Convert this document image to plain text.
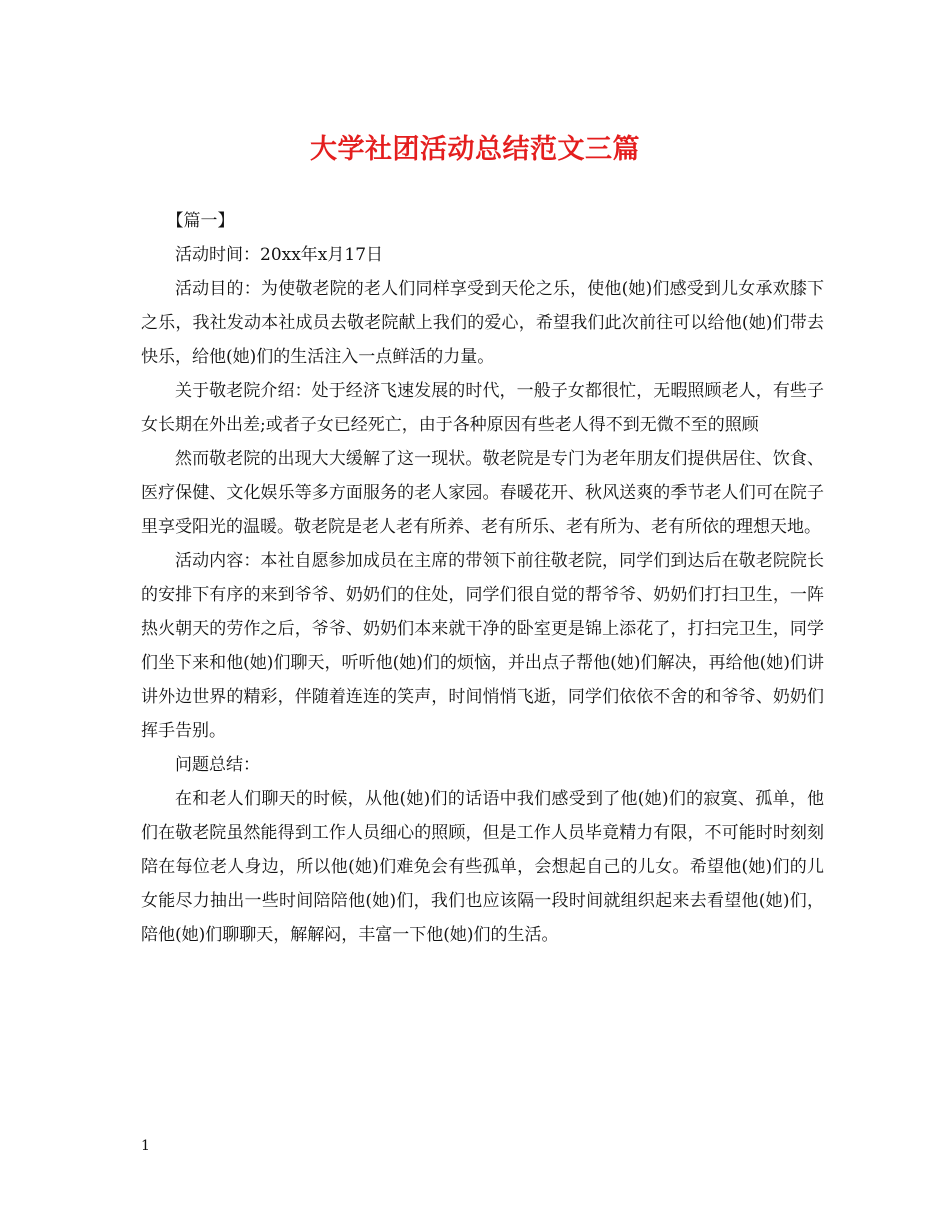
大学社团活动总结范文三篇

【篇一】

活动时间：20xx年x月17日

活动目的：为使敬老院的老人们同样享受到天伦之乐，使他(她)们感受到儿女承欢膝下之乐，我社发动本社成员去敬老院献上我们的爱心，希望我们此次前往可以给他(她)们带去快乐，给他(她)们的生活注入一点鲜活的力量。

关于敬老院介绍：处于经济飞速发展的时代，一般子女都很忙，无暇照顾老人，有些子女长期在外出差;或者子女已经死亡，由于各种原因有些老人得不到无微不至的照顾

然而敬老院的出现大大缓解了这一现状。敬老院是专门为老年朋友们提供居住、饮食、医疗保健、文化娱乐等多方面服务的老人家园。春暖花开、秋风送爽的季节老人们可在院子里享受阳光的温暖。敬老院是老人老有所养、老有所乐、老有所为、老有所依的理想天地。

活动内容：本社自愿参加成员在主席的带领下前往敬老院，同学们到达后在敬老院院长的安排下有序的来到爷爷、奶奶们的住处，同学们很自觉的帮爷爷、奶奶们打扫卫生，一阵热火朝天的劳作之后，爷爷、奶奶们本来就干净的卧室更是锦上添花了，打扫完卫生，同学们坐下来和他(她)们聊天，听听他(她)们的烦恼，并出点子帮他(她)们解决，再给他(她)们讲讲外边世界的精彩，伴随着连连的笑声，时间悄悄飞逝，同学们依依不舍的和爷爷、奶奶们挥手告别。

问题总结：

在和老人们聊天的时候，从他(她)们的话语中我们感受到了他(她)们的寂寞、孤单，他们在敬老院虽然能得到工作人员细心的照顾，但是工作人员毕竟精力有限，不可能时时刻刻陪在每位老人身边，所以他(她)们难免会有些孤单，会想起自己的儿女。希望他(她)们的儿女能尽力抽出一些时间陪陪他(她)们，我们也应该隔一段时间就组织起来去看望他(她)们，陪他(她)们聊聊天，解解闷，丰富一下他(她)们的生活。

1
